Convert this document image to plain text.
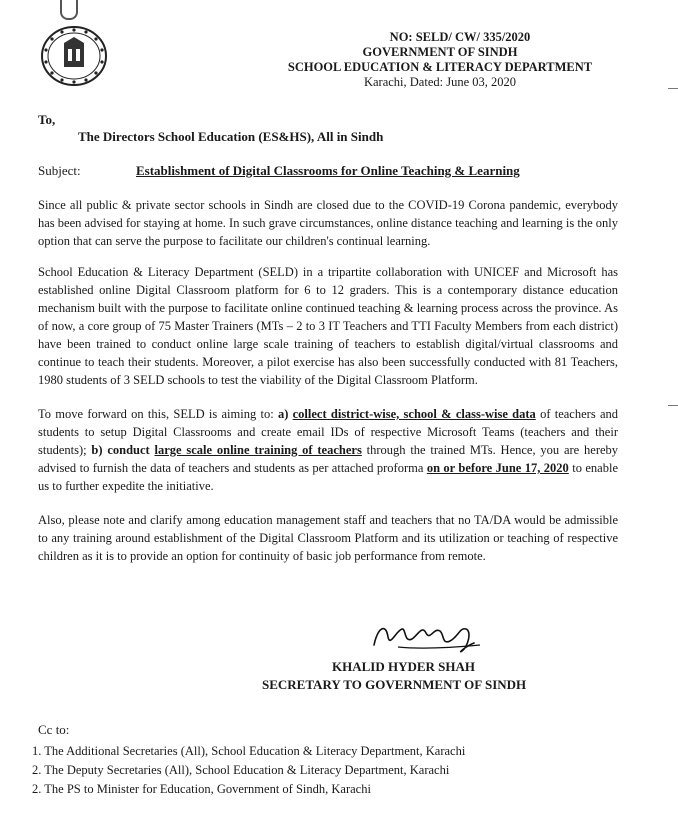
NO: SELD/ CW/ 335/2020
GOVERNMENT OF SINDH
SCHOOL EDUCATION & LITERACY DEPARTMENT
Karachi, Dated: June 03, 2020
To,
The Directors School Education (ES&HS), All in Sindh
Subject:	Establishment of Digital Classrooms for Online Teaching & Learning
Since all public & private sector schools in Sindh are closed due to the COVID-19 Corona pandemic, everybody has been advised for staying at home. In such grave circumstances, online distance teaching and learning is the only option that can serve the purpose to facilitate our children's continual learning.
School Education & Literacy Department (SELD) in a tripartite collaboration with UNICEF and Microsoft has established online Digital Classroom platform for 6 to 12 graders. This is a contemporary distance education mechanism built with the purpose to facilitate online continued teaching & learning process across the province. As of now, a core group of 75 Master Trainers (MTs – 2 to 3 IT Teachers and TTI Faculty Members from each district) have been trained to conduct online large scale training of teachers to establish digital/virtual classrooms and continue to teach their students. Moreover, a pilot exercise has also been successfully conducted with 81 Teachers, 1980 students of 3 SELD schools to test the viability of the Digital Classroom Platform.
To move forward on this, SELD is aiming to: a) collect district-wise, school & class-wise data of teachers and students to setup Digital Classrooms and create email IDs of respective Microsoft Teams (teachers and their students); b) conduct large scale online training of teachers through the trained MTs. Hence, you are hereby advised to furnish the data of teachers and students as per attached proforma on or before June 17, 2020 to enable us to further expedite the initiative.
Also, please note and clarify among education management staff and teachers that no TA/DA would be admissible to any training around establishment of the Digital Classroom Platform and its utilization or teaching of respective children as it is to provide an option for continuity of basic job performance from remote.
KHALID HYDER SHAH
SECRETARY TO GOVERNMENT OF SINDH
Cc to:
1. The Additional Secretaries (All), School Education & Literacy Department, Karachi
2. The Deputy Secretaries (All), School Education & Literacy Department, Karachi
2. The PS to Minister for Education, Government of Sindh, Karachi
